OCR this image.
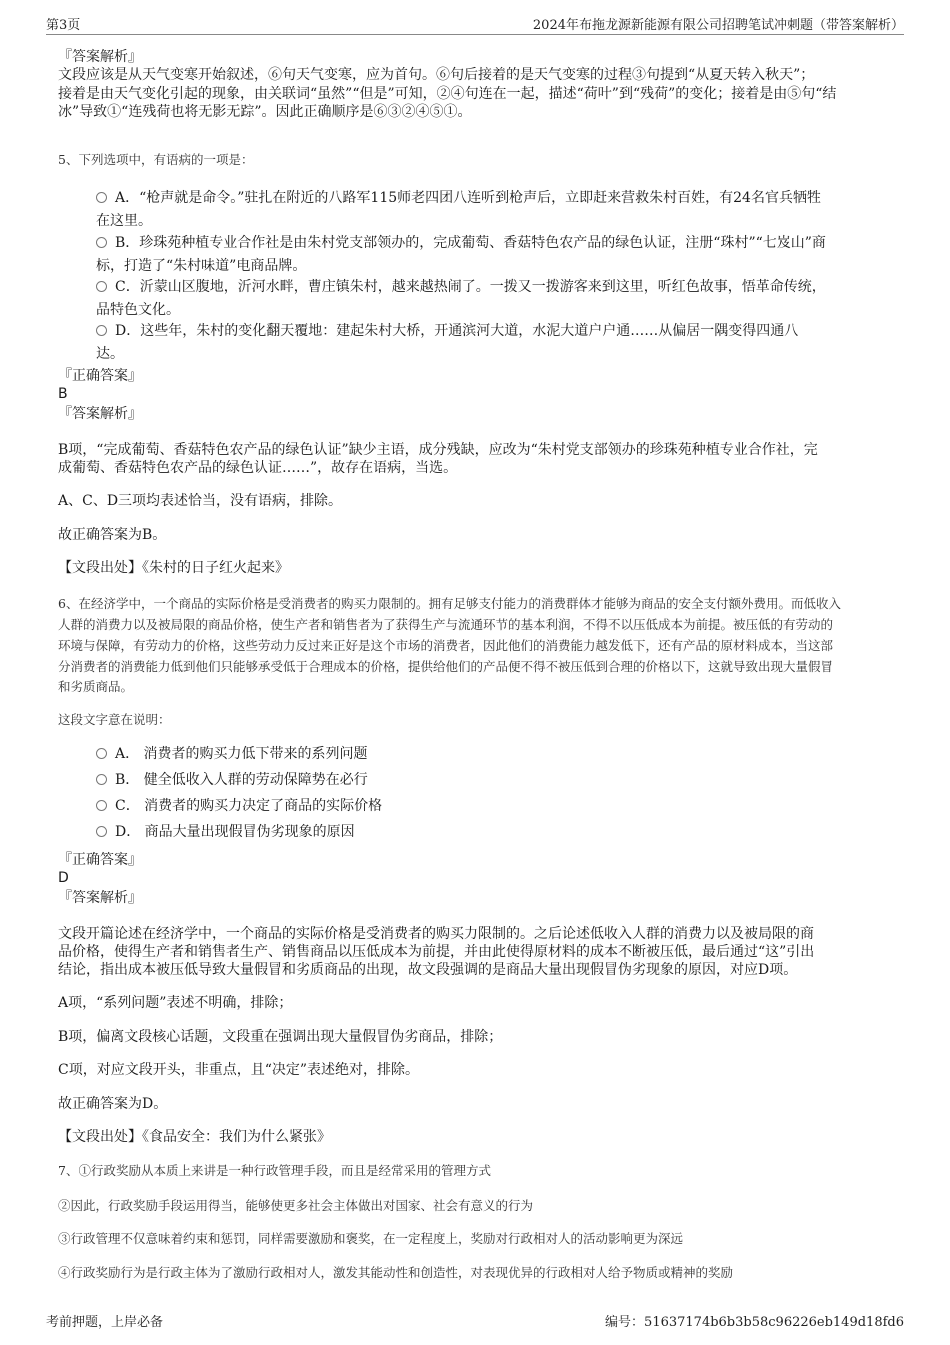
第3页	2024年布拖龙源新能源有限公司招聘笔试冲刺题（带答案解析）
『答案解析』
文段应该是从天气变寒开始叙述，⑥句天气变寒，应为首句。⑥句后接着的是天气变寒的过程③句提到“从夏天转入秋天”；
接着是由天气变化引起的现象，由关联词“虽然”“但是”可知，②④句连在一起，描述“荷叶”到“残荷”的变化；接着是由⑤句“结
冰”导致①“连残荷也将无影无踪”。因此正确顺序是⑥③②④⑤①。
5、下列选项中，有语病的一项是：
A．“枪声就是命令。”驻扎在附近的八路军115师老四团八连听到枪声后，立即赶来营救朱村百姓，有24名官兵牺牲
在这里。
B．珍珠苑种植专业合作社是由朱村党支部领办的，完成葡萄、香菇特色农产品的绿色认证，注册“珠村”“七岌山”商
标，打造了“朱村味道”电商品牌。
C．沂蒙山区腹地，沂河水畔，曹庄镇朱村，越来越热闹了。一拨又一拨游客来到这里，听红色故事，悟革命传统，
品特色文化。
D．这些年，朱村的变化翻天覆地：建起朱村大桥，开通滨河大道，水泥大道户户通……从偏居一隅变得四通八
达。
『正确答案』
B
『答案解析』
B项，“完成葡萄、香菇特色农产品的绿色认证”缺少主语，成分残缺，应改为“朱村党支部领办的珍珠苑种植专业合作社，完
成葡萄、香菇特色农产品的绿色认证……”，故存在语病，当选。
A、C、D三项均表述恰当，没有语病，排除。
故正确答案为B。
【文段出处】《朱村的日子红火起来》
6、在经济学中，一个商品的实际价格是受消费者的购买力限制的。拥有足够支付能力的消费群体才能够为商品的安全支付额外费用。而低收入
人群的消费力以及被局限的商品价格，使生产者和销售者为了获得生产与流通环节的基本利润，不得不以压低成本为前提。被压低的有劳动的
环境与保障，有劳动力的价格，这些劳动力反过来正好是这个市场的消费者，因此他们的消费能力越发低下，还有产品的原材料成本，当这部
分消费者的消费能力低到他们只能够承受低于合理成本的价格，提供给他们的产品便不得不被压低到合理的价格以下，这就导致出现大量假冒
和劣质商品。
这段文字意在说明：
A． 消费者的购买力低下带来的系列问题
B． 健全低收入人群的劳动保障势在必行
C． 消费者的购买力决定了商品的实际价格
D． 商品大量出现假冒伪劣现象的原因
『正确答案』
D
『答案解析』
文段开篇论述在经济学中，一个商品的实际价格是受消费者的购买力限制的。之后论述低收入人群的消费力以及被局限的商
品价格，使得生产者和销售者生产、销售商品以压低成本为前提，并由此使得原材料的成本不断被压低，最后通过“这”引出
结论，指出成本被压低导致大量假冒和劣质商品的出现，故文段强调的是商品大量出现假冒伪劣现象的原因，对应D项。
A项，“系列问题”表述不明确，排除；
B项，偏离文段核心话题，文段重在强调出现大量假冒伪劣商品，排除；
C项，对应文段开头，非重点，且“决定”表述绝对，排除。
故正确答案为D。
【文段出处】《食品安全：我们为什么紧张》
7、①行政奖励从本质上来讲是一种行政管理手段，而且是经常采用的管理方式
②因此，行政奖励手段运用得当，能够使更多社会主体做出对国家、社会有意义的行为
③行政管理不仅意味着约束和惩罚，同样需要激励和褒奖，在一定程度上，奖励对行政相对人的活动影响更为深远
④行政奖励行为是行政主体为了激励行政相对人，激发其能动性和创造性，对表现优异的行政相对人给予物质或精神的奖励
考前押题，上岸必备	编号：51637174b6b3b58c96226eb149d18fd6
